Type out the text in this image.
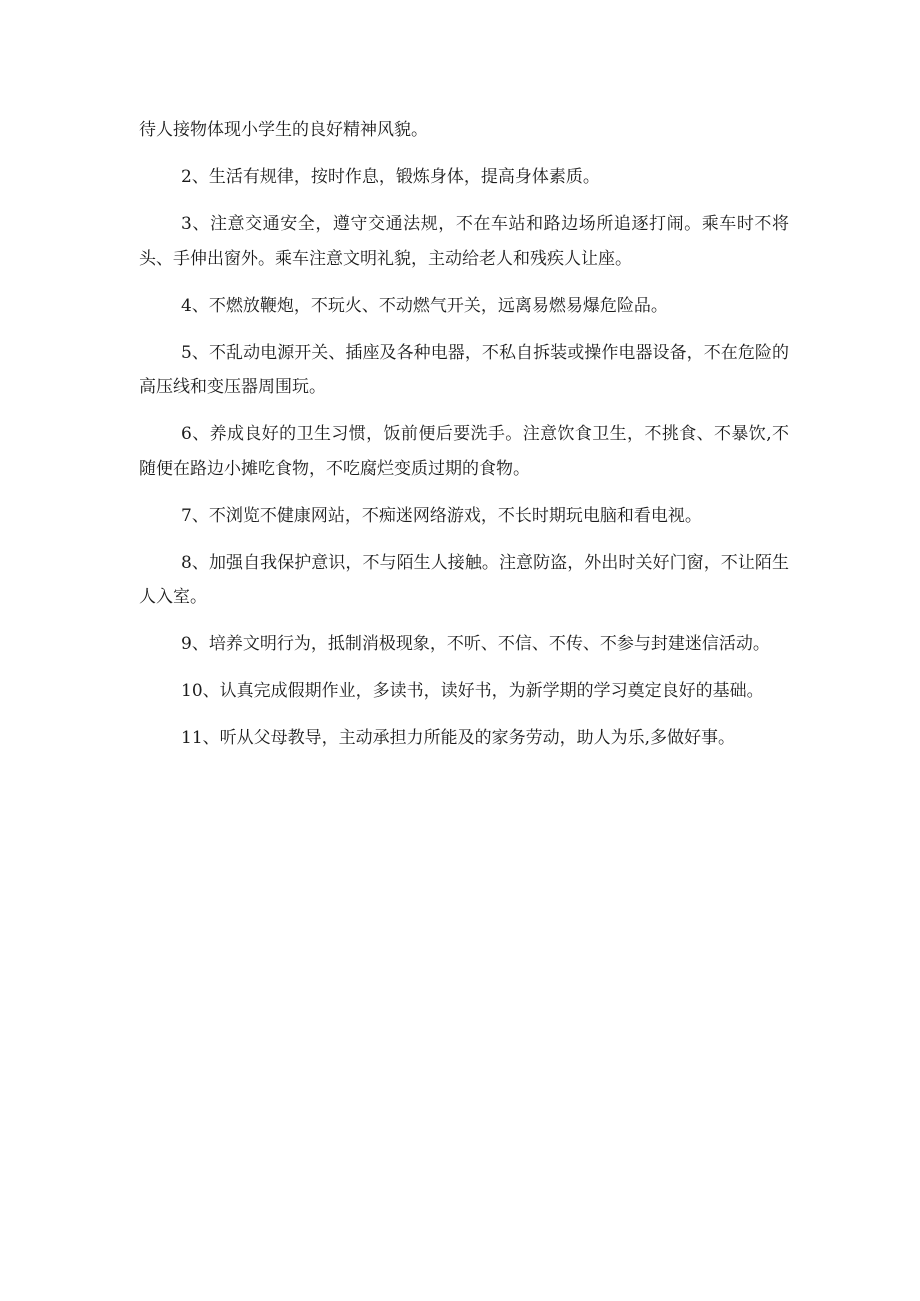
待人接物体现小学生的良好精神风貌。

2、生活有规律，按时作息，锻炼身体，提高身体素质。

3、注意交通安全，遵守交通法规，不在车站和路边场所追逐打闹。乘车时不将头、手伸出窗外。乘车注意文明礼貌，主动给老人和残疾人让座。

4、不燃放鞭炮，不玩火、不动燃气开关，远离易燃易爆危险品。

5、不乱动电源开关、插座及各种电器，不私自拆装或操作电器设备，不在危险的高压线和变压器周围玩。

6、养成良好的卫生习惯，饭前便后要洗手。注意饮食卫生，不挑食、不暴饮,不随便在路边小摊吃食物，不吃腐烂变质过期的食物。

7、不浏览不健康网站，不痴迷网络游戏，不长时期玩电脑和看电视。

8、加强自我保护意识，不与陌生人接触。注意防盗，外出时关好门窗，不让陌生人入室。

9、培养文明行为，抵制消极现象，不听、不信、不传、不参与封建迷信活动。

10、认真完成假期作业，多读书，读好书，为新学期的学习奠定良好的基础。

11、听从父母教导，主动承担力所能及的家务劳动，助人为乐,多做好事。
